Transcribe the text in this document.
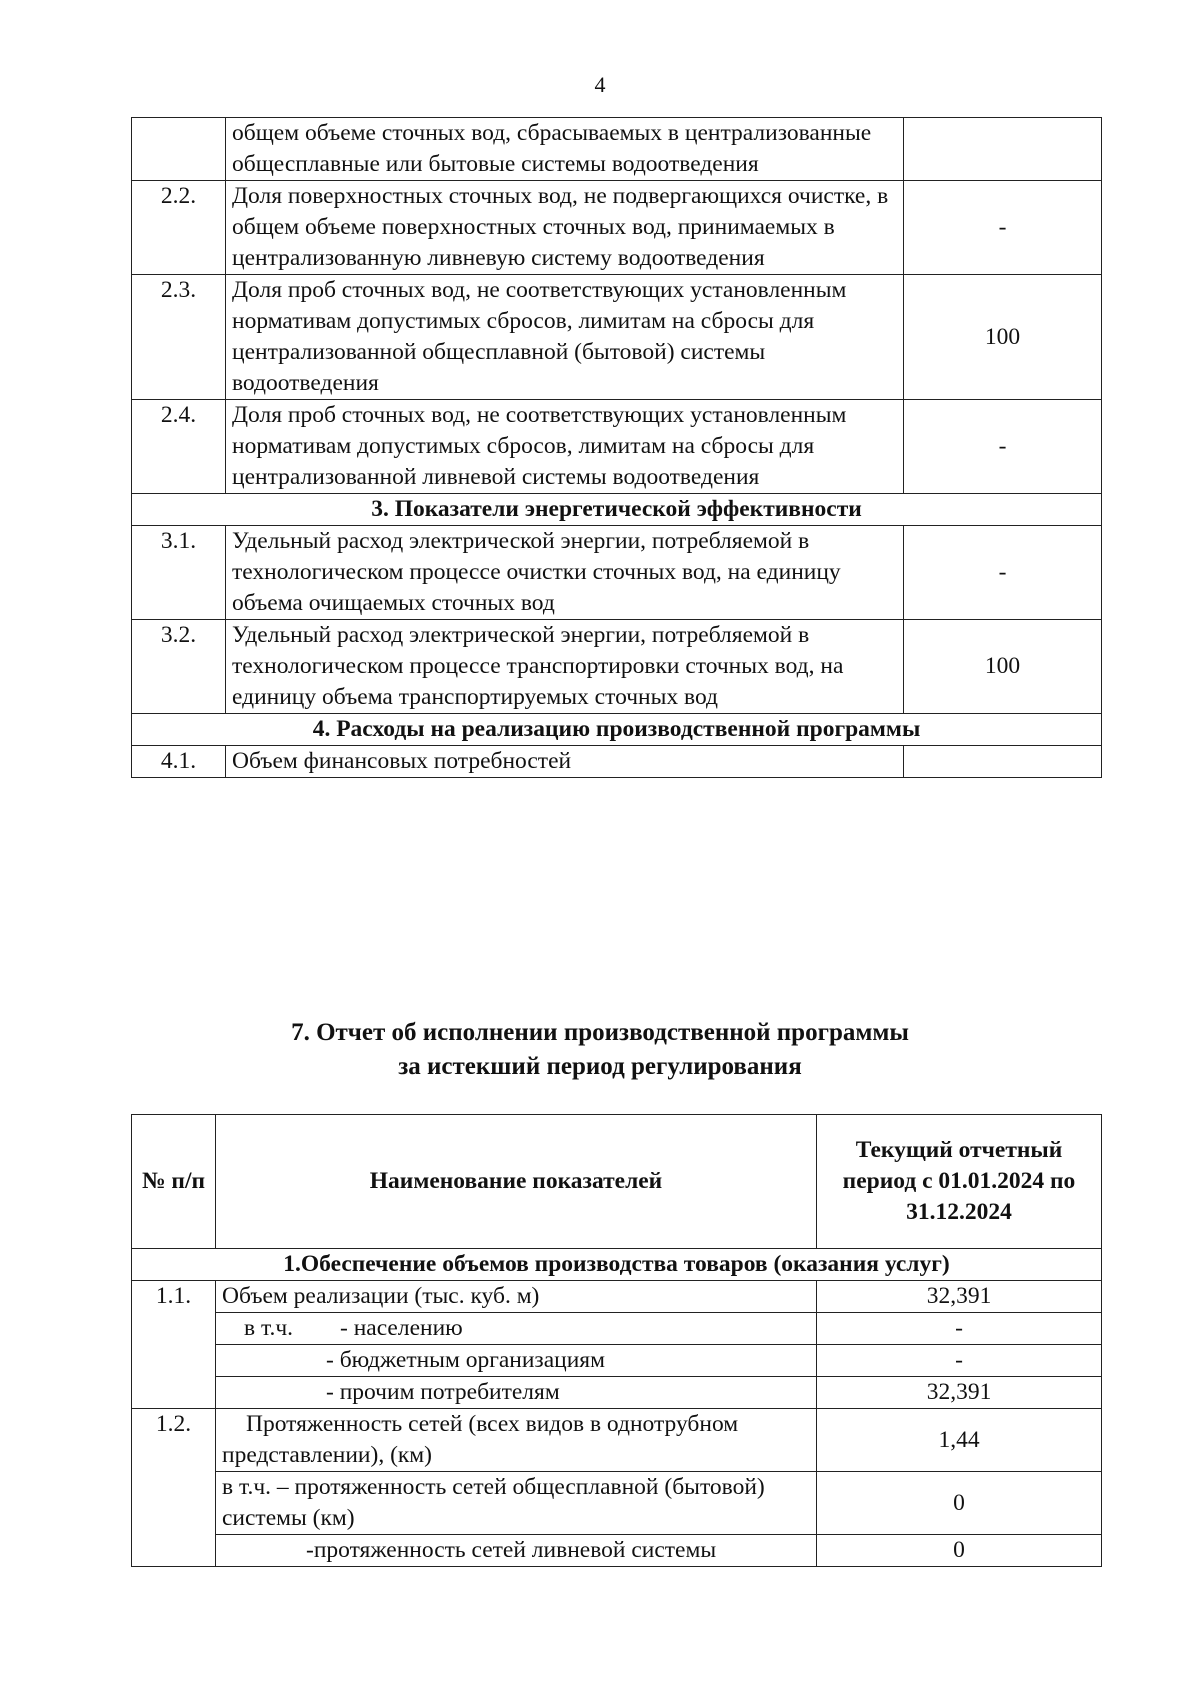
4
	общем объеме сточных вод, сбрасываемых в централизованные общесплавные или бытовые системы водоотведения	
2.2.	Доля поверхностных сточных вод, не подвергающихся очистке, в общем объеме поверхностных сточных вод, принимаемых в централизованную ливневую систему водоотведения	-
2.3.	Доля проб сточных вод, не соответствующих установленным нормативам допустимых сбросов, лимитам на сбросы для централизованной общесплавной (бытовой) системы водоотведения	100
2.4.	Доля проб сточных вод, не соответствующих установленным нормативам допустимых сбросов, лимитам на сбросы для централизованной ливневой системы водоотведения	-
3. Показатели энергетической эффективности		
3.1.	Удельный расход электрической энергии, потребляемой в технологическом процессе очистки сточных вод, на единицу объема очищаемых сточных вод	-
3.2.	Удельный расход электрической энергии, потребляемой в технологическом процессе транспортировки сточных вод, на единицу объема транспортируемых сточных вод	100
4. Расходы на реализацию производственной программы		
4.1.	Объем финансовых потребностей	
7. Отчет об исполнении производственной программы
за истекший период регулирования
№ п/п	Наименование показателей	Текущий отчетный период с 01.01.2024 по 31.12.2024
1.Обеспечение объемов производства товаров (оказания услуг)		
1.1.	Объем реализации (тыс. куб. м)	32,391
	в т.ч. - населению	-
	- бюджетным организациям	-
	- прочим потребителям	32,391
1.2.	Протяженность сетей (всех видов в однотрубном представлении), (км)	1,44
	в т.ч. – протяженность сетей общесплавной (бытовой) системы (км)	0
	-протяженность сетей ливневой системы	0
